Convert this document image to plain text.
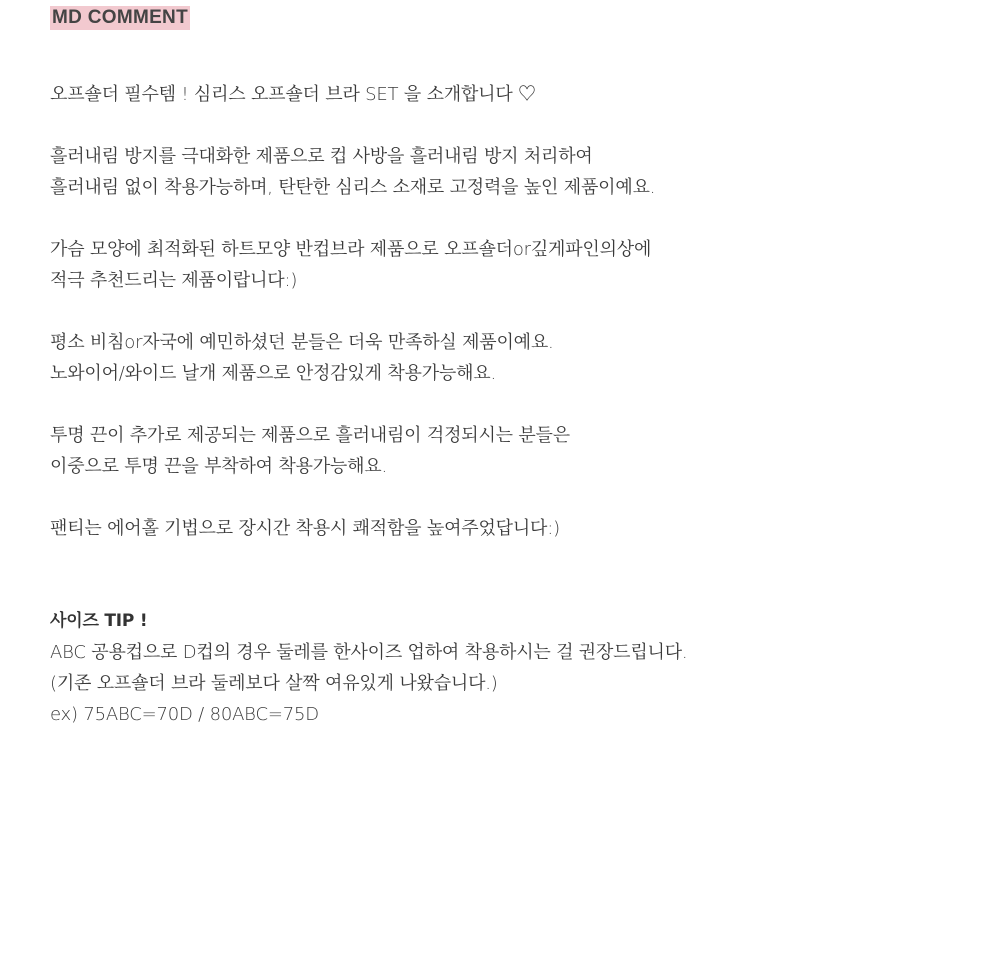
MD COMMENT

오프숄더 필수템 ! 심리스 오프숄더 브라 SET 을 소개합니다 ♡

흘러내림 방지를 극대화한 제품으로 컵 사방을 흘러내림 방지 처리하여
흘러내림 없이 착용가능하며, 탄탄한 심리스 소재로 고정력을 높인 제품이예요.

가슴 모양에 최적화된 하트모양 반컵브라 제품으로 오프숄더or깊게파인의상에
적극 추천드리는 제품이랍니다:)

평소 비침or자국에 예민하셨던 분들은 더욱 만족하실 제품이예요.
노와이어/와이드 날개 제품으로 안정감있게 착용가능해요.

투명 끈이 추가로 제공되는 제품으로 흘러내림이 걱정되시는 분들은
이중으로 투명 끈을 부착하여 착용가능해요.

팬티는 에어홀 기법으로 장시간 착용시 쾌적함을 높여주었답니다:)

사이즈 TIP !
ABC 공용컵으로 D컵의 경우 둘레를 한사이즈 업하여 착용하시는 걸 권장드립니다.
(기존 오프숄더 브라 둘레보다 살짝 여유있게 나왔습니다.)
ex) 75ABC=70D / 80ABC=75D
